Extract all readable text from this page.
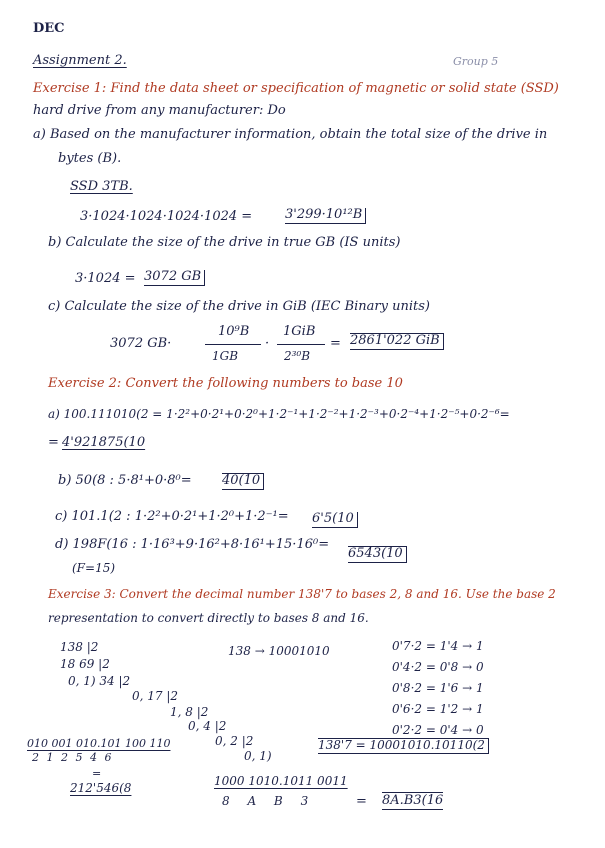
DEC
Assignment 2.	Group 5
Exercise 1: Find the data sheet or specification of magnetic or solid state (SSD)
hard drive from any manufacturer: Do
a) Based on the manufacturer information, obtain the total size of the drive in
bytes (B).
SSD 3TB.
3·1024·1024·1024·1024 =	3'299·10¹²B
b) Calculate the size of the drive in true GB (IS units)
3·1024 = 3072 GB
c) Calculate the size of the drive in GiB (IEC Binary units)
3072 GB·
10⁹B
1GB
·
1GiB
2³⁰B
= 2861'022 GiB
Exercise 2: Convert the following numbers to base 10
a) 100.111010(2 = 1·2²+0·2¹+0·2⁰+1·2⁻¹+1·2⁻²+1·2⁻³+0·2⁻⁴+1·2⁻⁵+0·2⁻⁶=
= 4'921875(10
b) 50(8 : 5·8¹+0·8⁰= 40(10
c) 101.1(2 : 1·2²+0·2¹+1·2⁰+1·2⁻¹= 6'5(10
d) 198F(16 : 1·16³+9·16²+8·16¹+15·16⁰=
6543(10
(F=15)
Exercise 3: Convert the decimal number 138'7 to bases 2, 8 and 16. Use the base 2
representation to convert directly to bases 8 and 16.
138 |2
18 69 |2
0, 1) 34 |2
0, 17 |2
1, 8 |2
0, 4 |2
0, 2 |2
0, 1)
138 → 10001010	0'7·2 = 1'4 → 1
0'4·2 = 0'8 → 0
0'8·2 = 1'6 → 1
0'6·2 = 1'2 → 1
0'2·2 = 0'4 → 0
138'7 = 10001010.10110(2
010 001 010.101 100 110
2 1 2 5 4 6
=
212'546(8	1000 1010.1011 0011
8 A B 3	= 8A.B3(16
